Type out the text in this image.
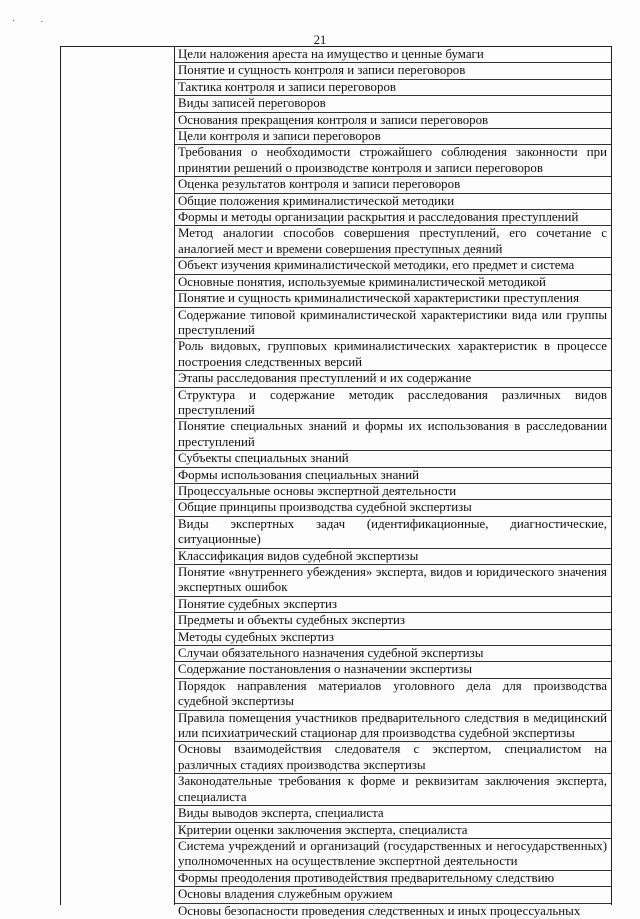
· ˙
21
Цели наложения ареста на имущество и ценные бумаги
Понятие и сущность контроля и записи переговоров
Тактика контроля и записи переговоров
Виды записей переговоров
Основания прекращения контроля и записи переговоров
Цели контроля и записи переговоров
Требования о необходимости строжайшего соблюдения законности при принятии решений о производстве контроля и записи переговоров
Оценка результатов контроля и записи переговоров
Общие положения криминалистической методики
Формы и методы организации раскрытия и расследования преступлений
Метод аналогии способов совершения преступлений, его сочетание с аналогией мест и времени совершения преступных деяний
Объект изучения криминалистической методики, его предмет и система
Основные понятия, используемые криминалистической методикой
Понятие и сущность криминалистической характеристики преступления
Содержание типовой криминалистической характеристики вида или группы преступлений
Роль видовых, групповых криминалистических характеристик в процессе построения следственных версий
Этапы расследования преступлений и их содержание
Структура и содержание методик расследования различных видов преступлений
Понятие специальных знаний и формы их использования в расследовании преступлений
Субъекты специальных знаний
Формы использования специальных знаний
Процессуальные основы экспертной деятельности
Общие принципы производства судебной экспертизы
Виды экспертных задач (идентификационные, диагностические, ситуационные)
Классификация видов судебной экспертизы
Понятие «внутреннего убеждения» эксперта, видов и юридического значения экспертных ошибок
Понятие судебных экспертиз
Предметы и объекты судебных экспертиз
Методы судебных экспертиз
Случаи обязательного назначения судебной экспертизы
Содержание постановления о назначении экспертизы
Порядок направления материалов уголовного дела для производства судебной экспертизы
Правила помещения участников предварительного следствия в медицинский или психиатрический стационар для производства судебной экспертизы
Основы взаимодействия следователя с экспертом, специалистом на различных стадиях производства экспертизы
Законодательные требования к форме и реквизитам заключения эксперта, специалиста
Виды выводов эксперта, специалиста
Критерии оценки заключения эксперта, специалиста
Система учреждений и организаций (государственных и негосударственных) уполномоченных на осуществление экспертной деятельности
Формы преодоления противодействия предварительному следствию
Основы владения служебным оружием
Основы безопасности проведения следственных и иных процессуальных
